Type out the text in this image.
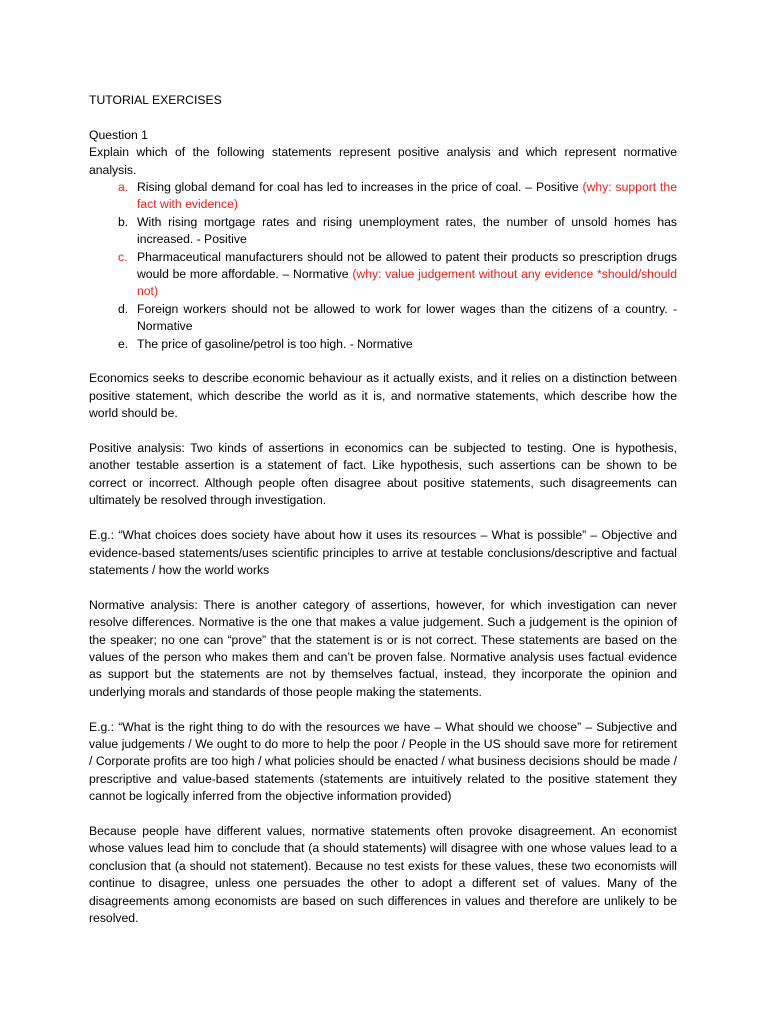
TUTORIAL EXERCISES

Question 1

Explain which of the following statements represent positive analysis and which represent normative analysis.

a. Rising global demand for coal has led to increases in the price of coal. – Positive (why: support the fact with evidence)
b. With rising mortgage rates and rising unemployment rates, the number of unsold homes has increased. - Positive
c. Pharmaceutical manufacturers should not be allowed to patent their products so prescription drugs would be more affordable. – Normative (why: value judgement without any evidence *should/should not)
d. Foreign workers should not be allowed to work for lower wages than the citizens of a country. - Normative
e. The price of gasoline/petrol is too high. - Normative

Economics seeks to describe economic behaviour as it actually exists, and it relies on a distinction between positive statement, which describe the world as it is, and normative statements, which describe how the world should be.

Positive analysis: Two kinds of assertions in economics can be subjected to testing. One is hypothesis, another testable assertion is a statement of fact. Like hypothesis, such assertions can be shown to be correct or incorrect. Although people often disagree about positive statements, such disagreements can ultimately be resolved through investigation.

E.g.: “What choices does society have about how it uses its resources – What is possible” – Objective and evidence-based statements/uses scientific principles to arrive at testable conclusions/descriptive and factual statements / how the world works

Normative analysis: There is another category of assertions, however, for which investigation can never resolve differences. Normative is the one that makes a value judgement. Such a judgement is the opinion of the speaker; no one can “prove” that the statement is or is not correct. These statements are based on the values of the person who makes them and can’t be proven false. Normative analysis uses factual evidence as support but the statements are not by themselves factual, instead, they incorporate the opinion and underlying morals and standards of those people making the statements.

E.g.: “What is the right thing to do with the resources we have – What should we choose” – Subjective and value judgements / We ought to do more to help the poor / People in the US should save more for retirement / Corporate profits are too high / what policies should be enacted / what business decisions should be made / prescriptive and value-based statements (statements are intuitively related to the positive statement they cannot be logically inferred from the objective information provided)

Because people have different values, normative statements often provoke disagreement. An economist whose values lead him to conclude that (a should statements) will disagree with one whose values lead to a conclusion that (a should not statement). Because no test exists for these values, these two economists will continue to disagree, unless one persuades the other to adopt a different set of values. Many of the disagreements among economists are based on such differences in values and therefore are unlikely to be resolved.
